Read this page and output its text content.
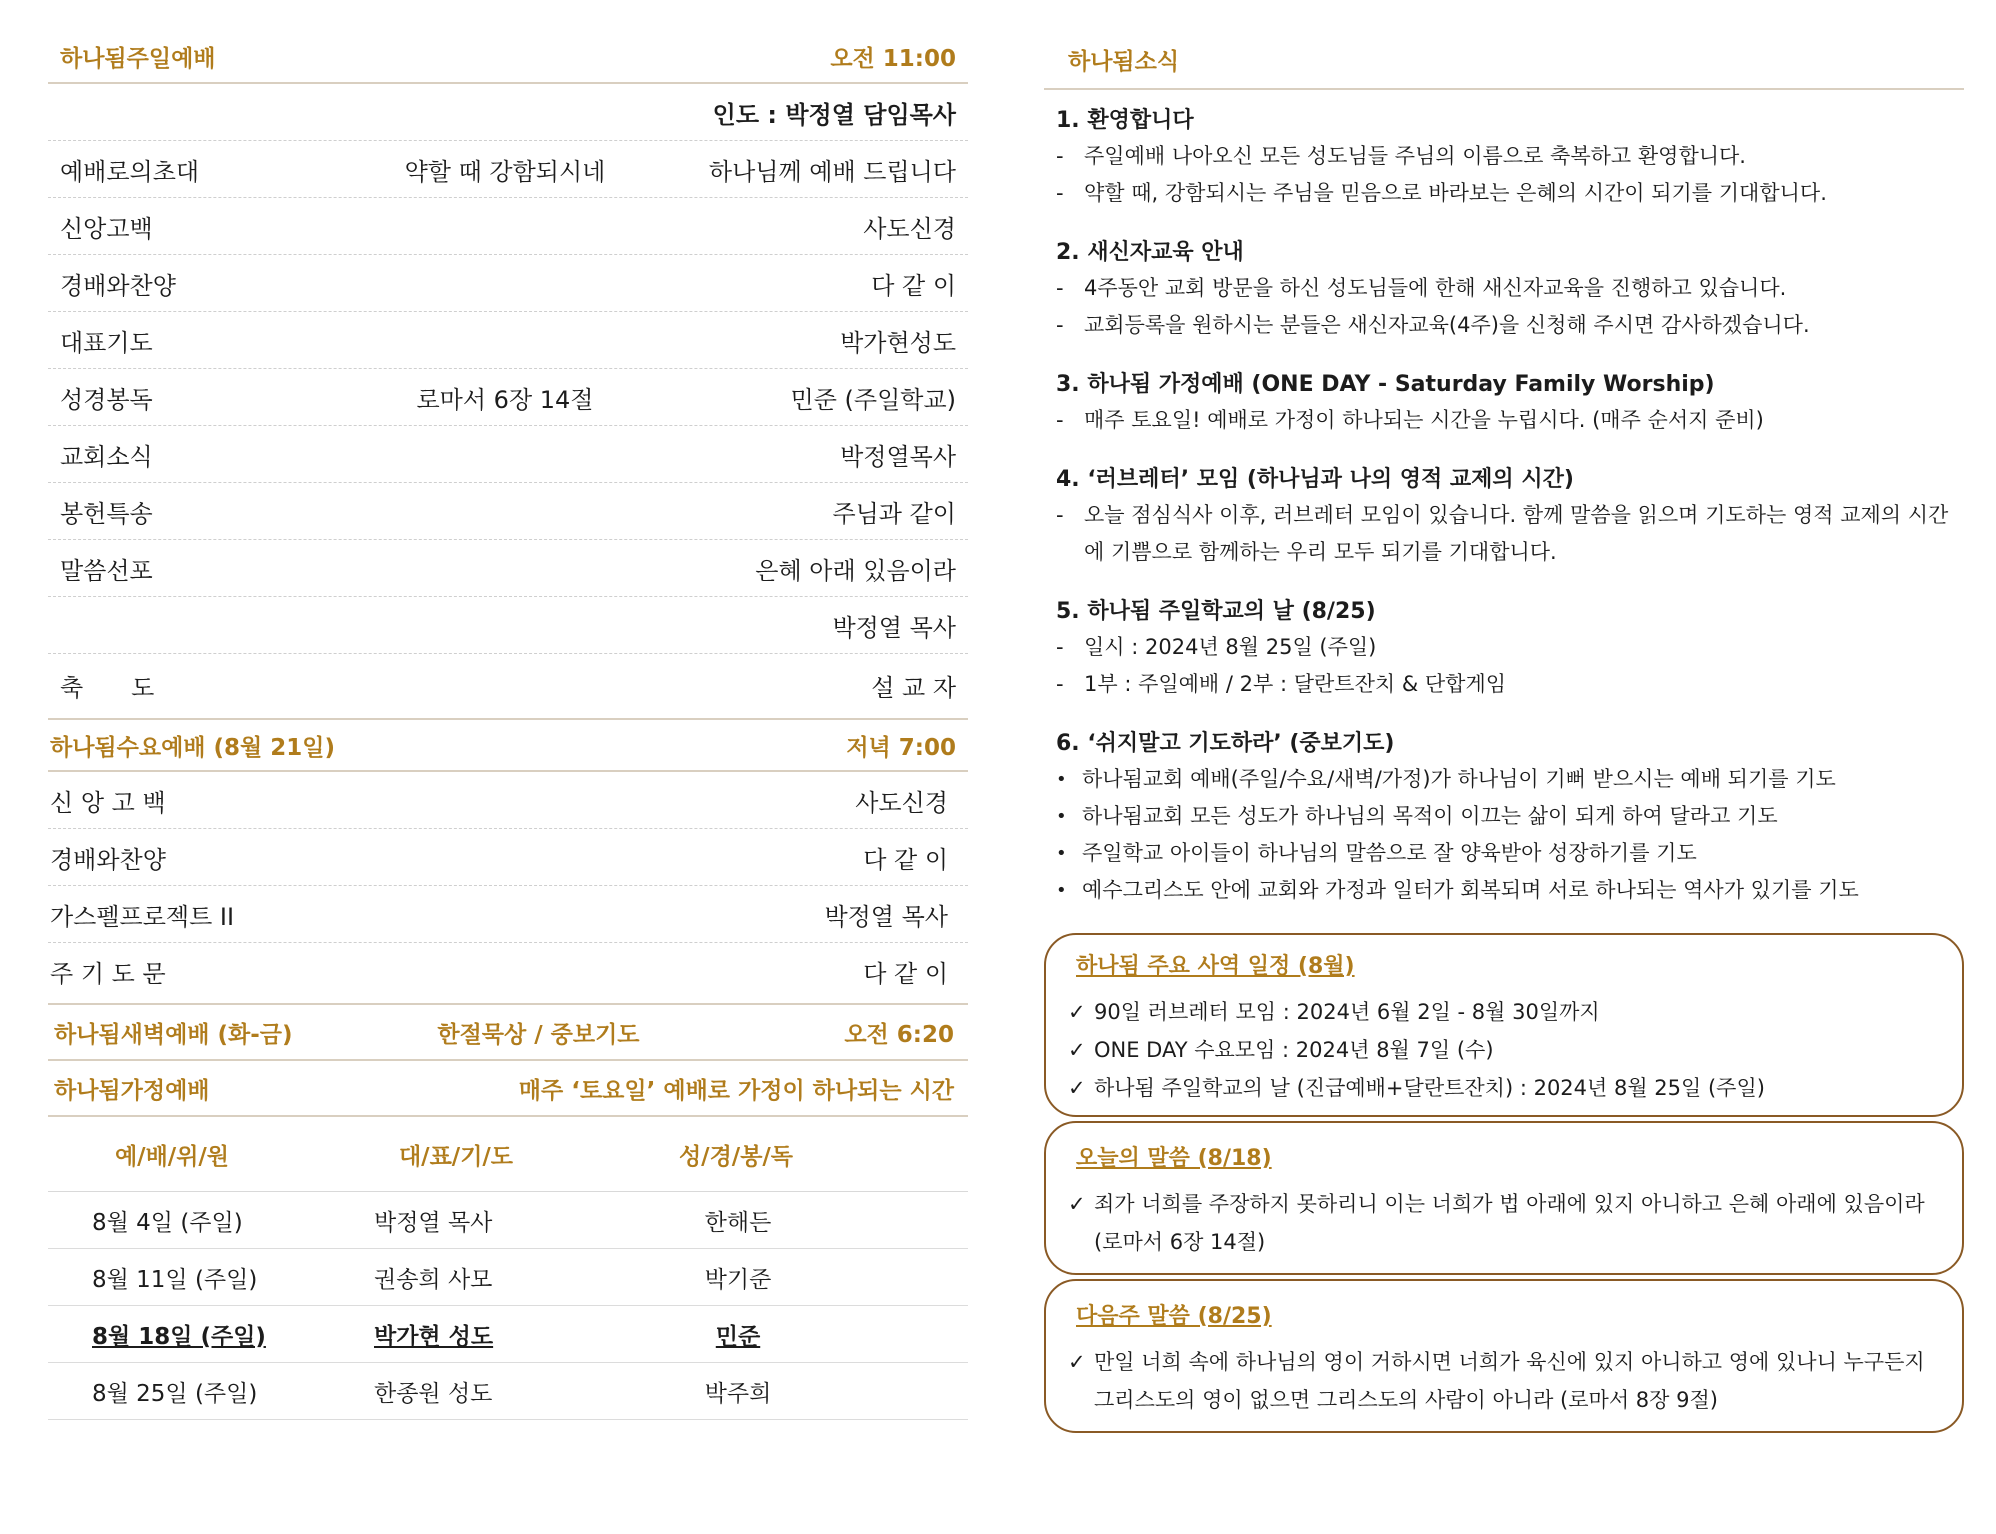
하나됨주일예배	오전 11:00
인도 : 박정열 담임목사
예배로의초대	약할 때 강함되시네	하나님께 예배 드립니다
신앙고백	사도신경
경배와찬양	다 같 이
대표기도	박가현성도
성경봉독	로마서 6장 14절	민준 (주일학교)
교회소식	박정열목사
봉헌특송	주님과 같이
말씀선포	은혜 아래 있음이라
박정열 목사
축　　도	설 교 자
하나됨수요예배 (8월 21일)	저녁 7:00
신 앙 고 백	사도신경
경배와찬양	다 같 이
가스펠프로젝트 II	박정열 목사
주 기 도 문	다 같 이
하나됨새벽예배 (화-금)	한절묵상 / 중보기도	오전 6:20
하나됨가정예배	매주 ‘토요일’ 예배로 가정이 하나되는 시간
예/배/위/원	대/표/기/도	성/경/봉/독
8월 4일 (주일)	박정열 목사	한해든
8월 11일 (주일)	권송희 사모	박기준
8월 18일 (주일)	박가현 성도	민준
8월 25일 (주일)	한종원 성도	박주희
하나됨소식
1. 환영합니다
- 주일예배 나아오신 모든 성도님들 주님의 이름으로 축복하고 환영합니다.
- 약할 때, 강함되시는 주님을 믿음으로 바라보는 은혜의 시간이 되기를 기대합니다.
2. 새신자교육 안내
- 4주동안 교회 방문을 하신 성도님들에 한해 새신자교육을 진행하고 있습니다.
- 교회등록을 원하시는 분들은 새신자교육(4주)을 신청해 주시면 감사하겠습니다.
3. 하나됨 가정예배 (ONE DAY - Saturday Family Worship)
- 매주 토요일! 예배로 가정이 하나되는 시간을 누립시다. (매주 순서지 준비)
4. ‘러브레터’ 모임 (하나님과 나의 영적 교제의 시간)
- 오늘 점심식사 이후, 러브레터 모임이 있습니다. 함께 말씀을 읽으며 기도하는 영적 교제의 시간에 기쁨으로 함께하는 우리 모두 되기를 기대합니다.
5. 하나됨 주일학교의 날 (8/25)
- 일시 : 2024년 8월 25일 (주일)
- 1부 : 주일예배 / 2부 : 달란트잔치 & 단합게임
6. ‘쉬지말고 기도하라’ (중보기도)
• 하나됨교회 예배(주일/수요/새벽/가정)가 하나님이 기뻐 받으시는 예배 되기를 기도
• 하나됨교회 모든 성도가 하나님의 목적이 이끄는 삶이 되게 하여 달라고 기도
• 주일학교 아이들이 하나님의 말씀으로 잘 양육받아 성장하기를 기도
• 예수그리스도 안에 교회와 가정과 일터가 회복되며 서로 하나되는 역사가 있기를 기도
하나됨 주요 사역 일정 (8월)
✓ 90일 러브레터 모임 : 2024년 6월 2일 - 8월 30일까지
✓ ONE DAY 수요모임 : 2024년 8월 7일 (수)
✓ 하나됨 주일학교의 날 (진급예배+달란트잔치) : 2024년 8월 25일 (주일)
오늘의 말씀 (8/18)
✓ 죄가 너희를 주장하지 못하리니 이는 너희가 법 아래에 있지 아니하고 은혜 아래에 있음이라 (로마서 6장 14절)
다음주 말씀 (8/25)
✓ 만일 너희 속에 하나님의 영이 거하시면 너희가 육신에 있지 아니하고 영에 있나니 누구든지 그리스도의 영이 없으면 그리스도의 사람이 아니라 (로마서 8장 9절)
